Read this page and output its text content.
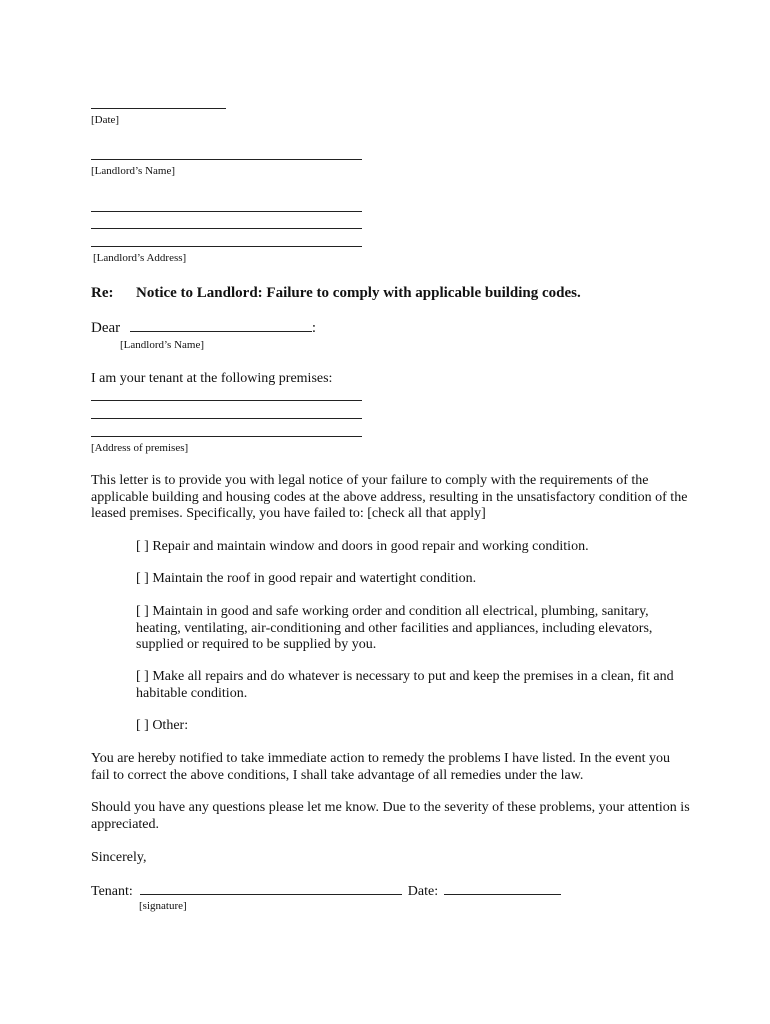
[Date]
[Landlord’s Name]
[Landlord’s Address]
Re: Notice to Landlord: Failure to comply with applicable building codes.
Dear	:
[Landlord’s Name]
I am your tenant at the following premises:
[Address of premises]
This letter is to provide you with legal notice of your failure to comply with the requirements of the applicable building and housing codes at the above address, resulting in the unsatisfactory condition of the leased premises. Specifically, you have failed to: [check all that apply]
[ ] Repair and maintain window and doors in good repair and working condition.
[ ] Maintain the roof in good repair and watertight condition.
[ ] Maintain in good and safe working order and condition all electrical, plumbing, sanitary, heating, ventilating, air-conditioning and other facilities and appliances, including elevators, supplied or required to be supplied by you.
[ ] Make all repairs and do whatever is necessary to put and keep the premises in a clean, fit and habitable condition.
[ ] Other:
You are hereby notified to take immediate action to remedy the problems I have listed. In the event you fail to correct the above conditions, I shall take advantage of all remedies under the law.
Should you have any questions please let me know. Due to the severity of these problems, your attention is appreciated.
Sincerely,
Tenant:	Date:
[signature]
